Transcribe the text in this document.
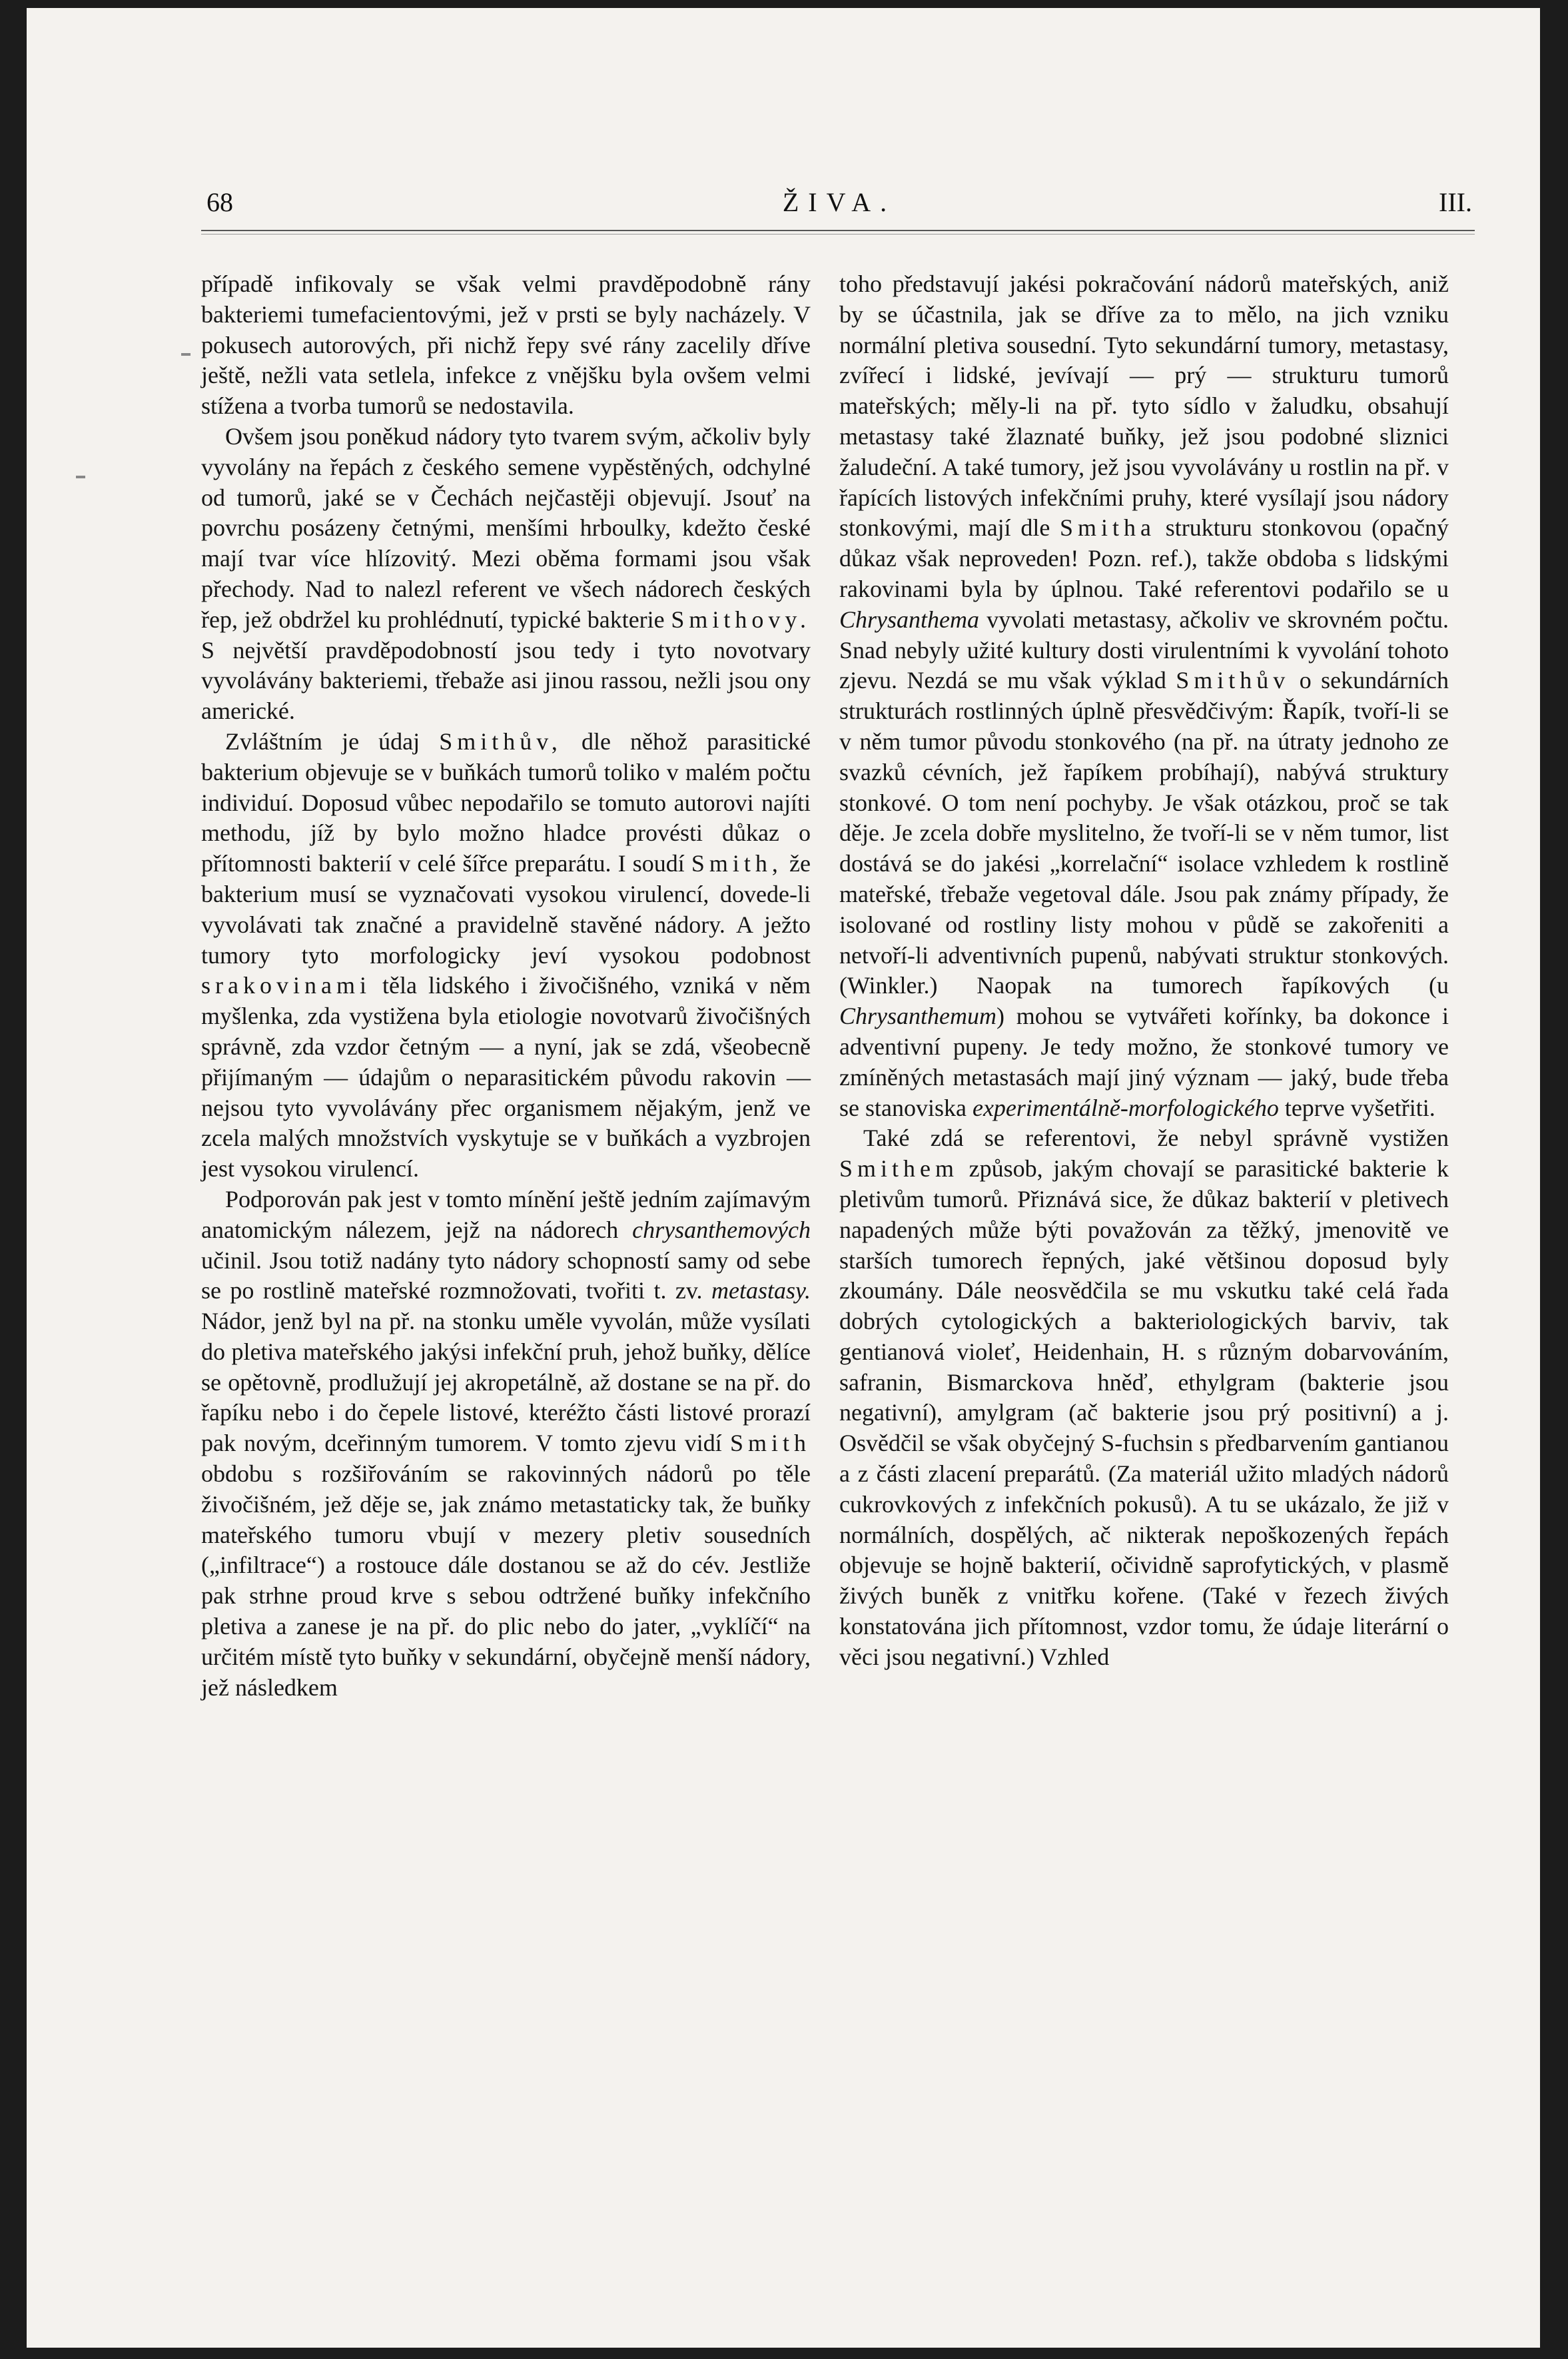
68	ŽIVA.	III.

případě infikovaly se však velmi pravděpodobně rány bakteriemi tumefacientovými, jež v prsti se byly nacházely. V pokusech autorových, při nichž řepy své rány zacelily dříve ještě, nežli vata setlela, infekce z vnějšku byla ovšem velmi stížena a tvorba tumorů se nedostavila.

Ovšem jsou poněkud nádory tyto tvarem svým, ačkoliv byly vyvolány na řepách z českého semene vypěstěných, odchylné od tumorů, jaké se v Čechách nejčastěji objevují. Jsouť na povrchu posázeny četnými, menšími hrboulky, kdežto české mají tvar více hlízovitý. Mezi oběma formami jsou však přechody. Nad to nalezl referent ve všech nádorech českých řep, jež obdržel ku prohlédnutí, typické bakterie Smithovy. S největší pravděpodobností jsou tedy i tyto novotvary vyvolávány bakteriemi, třebaže asi jinou rassou, nežli jsou ony americké.

Zvláštním je údaj Smithův, dle něhož parasitické bakterium objevuje se v buňkách tumorů toliko v malém počtu individuí. Doposud vůbec nepodařilo se tomuto autorovi najíti methodu, jíž by bylo možno hladce provésti důkaz o přítomnosti bakterií v celé šířce preparátu. I soudí Smith, že bakterium musí se vyznačovati vysokou virulencí, dovede-li vyvolávati tak značné a pravidelně stavěné nádory. A ježto tumory tyto morfologicky jeví vysokou podobnost srakovinami těla lidského i živočišného, vzniká v něm myšlenka, zda vystižena byla etiologie novotvarů živočišných správně, zda vzdor četným — a nyní, jak se zdá, všeobecně přijímaným — údajům o neparasitickém původu rakovin — nejsou tyto vyvolávány přec organismem nějakým, jenž ve zcela malých množstvích vyskytuje se v buňkách a vyzbrojen jest vysokou virulencí.

Podporován pak jest v tomto mínění ještě jedním zajímavým anatomickým nálezem, jejž na nádorech chrysanthemových učinil. Jsou totiž nadány tyto nádory schopností samy od sebe se po rostlině mateřské rozmnožovati, tvořiti t. zv. metastasy. Nádor, jenž byl na př. na stonku uměle vyvolán, může vysílati do pletiva mateřského jakýsi infekční pruh, jehož buňky, dělíce se opětovně, prodlužují jej akropetálně, až dostane se na př. do řapíku nebo i do čepele listové, kteréžto části listové prorazí pak novým, dceřinným tumorem. V tomto zjevu vidí Smith obdobu s rozšiřováním se rakovinných nádorů po těle živočišném, jež děje se, jak známo metastaticky tak, že buňky mateřského tumoru vbují v mezery pletiv sousedních („infiltrace“) a rostouce dále dostanou se až do cév. Jestliže pak strhne proud krve s sebou odtržené buňky infekčního pletiva a zanese je na př. do plic nebo do jater, „vyklíčí“ na určitém místě tyto buňky v sekundární, obyčejně menší nádory, jež následkem

toho představují jakési pokračování nádorů mateřských, aniž by se účastnila, jak se dříve za to mělo, na jich vzniku normální pletiva sousední. Tyto sekundární tumory, metastasy, zvířecí i lidské, jevívají — prý — strukturu tumorů mateřských; měly-li na př. tyto sídlo v žaludku, obsahují metastasy také žlaznaté buňky, jež jsou podobné sliznici žaludeční. A také tumory, jež jsou vyvolávány u rostlin na př. v řapících listových infekčními pruhy, které vysílají jsou nádory stonkovými, mají dle Smitha strukturu stonkovou (opačný důkaz však neproveden! Pozn. ref.), takže obdoba s lidskými rakovinami byla by úplnou. Také referentovi podařilo se u Chrysanthema vyvolati metastasy, ačkoliv ve skrovném počtu. Snad nebyly užité kultury dosti virulentními k vyvolání tohoto zjevu. Nezdá se mu však výklad Smithův o sekundárních strukturách rostlinných úplně přesvědčivým: Řapík, tvoří-li se v něm tumor původu stonkového (na př. na útraty jednoho ze svazků cévních, jež řapíkem probíhají), nabývá struktury stonkové. O tom není pochyby. Je však otázkou, proč se tak děje. Je zcela dobře myslitelno, že tvoří-li se v něm tumor, list dostává se do jakési „korrelační“ isolace vzhledem k rostlině mateřské, třebaže vegetoval dále. Jsou pak známy případy, že isolované od rostliny listy mohou v půdě se zakořeniti a netvoří-li adventivních pupenů, nabývati struktur stonkových. (Winkler.) Naopak na tumorech řapíkových (u Chrysanthemum) mohou se vytvářeti kořínky, ba dokonce i adventivní pupeny. Je tedy možno, že stonkové tumory ve zmíněných metastasách mají jiný význam — jaký, bude třeba se stanoviska experimentálně-morfologického teprve vyšetřiti.

Také zdá se referentovi, že nebyl správně vystižen Smithem způsob, jakým chovají se parasitické bakterie k pletivům tumorů. Přiznává sice, že důkaz bakterií v pletivech napadených může býti považován za těžký, jmenovitě ve starších tumorech řepných, jaké většinou doposud byly zkoumány. Dále neosvědčila se mu vskutku také celá řada dobrých cytologických a bakteriologických barviv, tak gentianová violeť, Heidenhain, H. s různým dobarvováním, safranin, Bismarckova hněď, ethylgram (bakterie jsou negativní), amylgram (ač bakterie jsou prý positivní) a j. Osvědčil se však obyčejný S-fuchsin s předbarvením gantianou a z části zlacení preparátů. (Za materiál užito mladých nádorů cukrovkových z infekčních pokusů). A tu se ukázalo, že již v normálních, dospělých, ač nikterak nepoškozených řepách objevuje se hojně bakterií, očividně saprofytických, v plasmě živých buněk z vnitřku kořene. (Také v řezech živých konstatována jich přítomnost, vzdor tomu, že údaje literární o věci jsou negativní.) Vzhled
